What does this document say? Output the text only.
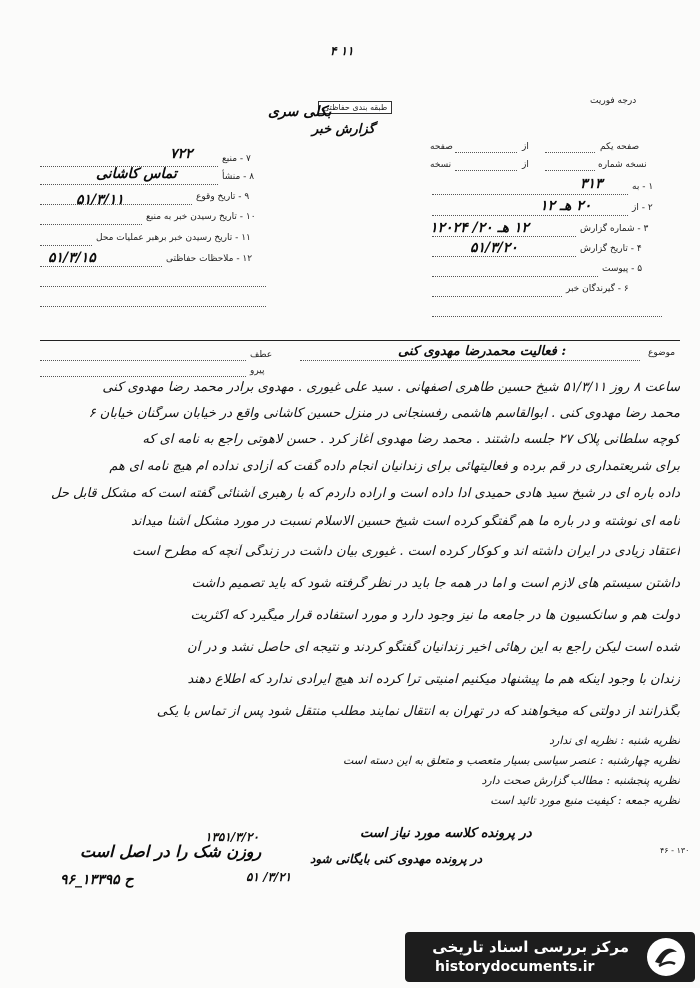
۴ ۱۱
درجه فوریت
طبقه بندی حفاظتی
بکلی سری
گزارش خبر
صفحه یکم
از
صفحه
نسخه شماره
از
نسخه
۱ - به
۳۱۳
۲ - از
۲۰ هـ ۱۲
۳ - شماره گزارش
۱۲ هـ ۲۰/ ۱۲۰۲۴
۴ - تاریخ گزارش
۵۱/۳/۲۰
۵ - پیوست
۶ - گیرندگان خبر
۷ - منبع
۷۲۲
۸ - منشأ
تماس کاشانی
۹ - تاریخ وقوع
۵۱/۳/۱۱
۱۰ - تاریخ رسیدن خبر به منبع
۱۱ - تاریخ رسیدن خبر برهبر عملیات محل
۱۲ - ملاحظات حفاظتی
۵۱/۳/۱۵
موضوع
: فعالیت محمدرضا مهدوی کنی
عطف
پیرو
ساعت ۸ روز ۵۱/۳/۱۱ شیخ حسین طاهری اصفهانی . سید علی غیوری . مهدوی برادر محمد رضا مهدوی کنی
محمد رضا مهدوی کنی . ابوالقاسم هاشمی رفسنجانی در منزل حسین کاشانی واقع در خیابان سرگنان خیابان ۶
کوچه سلطانی پلاک ۲۷ جلسه داشتند . محمد رضا مهدوی آغاز کرد . حسن لاهوتی راجع به نامه ای که
برای شریعتمداری در قم برده و فعالیتهائی برای زندانیان انجام داده گفت که آزادی نداده ام هیچ نامه ای هم
داده باره ای در شیخ سید هادی حمیدی ادا داده است و اراده داردم که با رهبری آشنائی گفته است که مشکل قابل حل
نامه ای نوشته و در باره ما هم گفتگو کرده است شیخ حسین الاسلام نسبت در مورد مشکل آشنا میداند
اعتقاد زیادی در ایران داشته اند و کوکار کرده است . غیوری بیان داشت در زندگی آنچه که مطرح است
داشتن سیستم های لازم است و اما در همه جا باید در نظر گرفته شود که باید تصمیم داشت
دولت هم و سانکسیون ها در جامعه ما نیز وجود دارد و مورد استفاده قرار میگیرد که اکثریت
شده است لیکن راجع به این رهائی اخیر زندانیان گفتگو کردند و نتیجه ای حاصل نشد و در آن
زندان با وجود اینکه هم ما پیشنهاد میکنیم امنیتی ترا کرده اند هیچ ایرادی ندارد که اطلاع دهند
بگذرانند از دولتی که میخواهند که در تهران به انتقال نمایند مطلب منتقل شود پس از تماس با یکی
نظریه شنبه : نظریه ای ندارد
نظریه چهارشنبه : عنصر سیاسی بسیار متعصب و متعلق به این دسته است
نظریه پنجشنبه : مطالب گزارش صحت دارد
نظریه جمعه : کیفیت منبع مورد تائید است
در پرونده کلاسه مورد نیاز است
۱۳۵۱/۳/۲۰
روزن شک را در اصل است	۴۶ - ۱۳۰
در پرونده مهدوی کنی بایگانی شود
۹۶_۱۳۳۹۵ ح	۵۱ /۳/۲۱
مرکز بررسی اسناد تاریخی
historydocuments.ir
